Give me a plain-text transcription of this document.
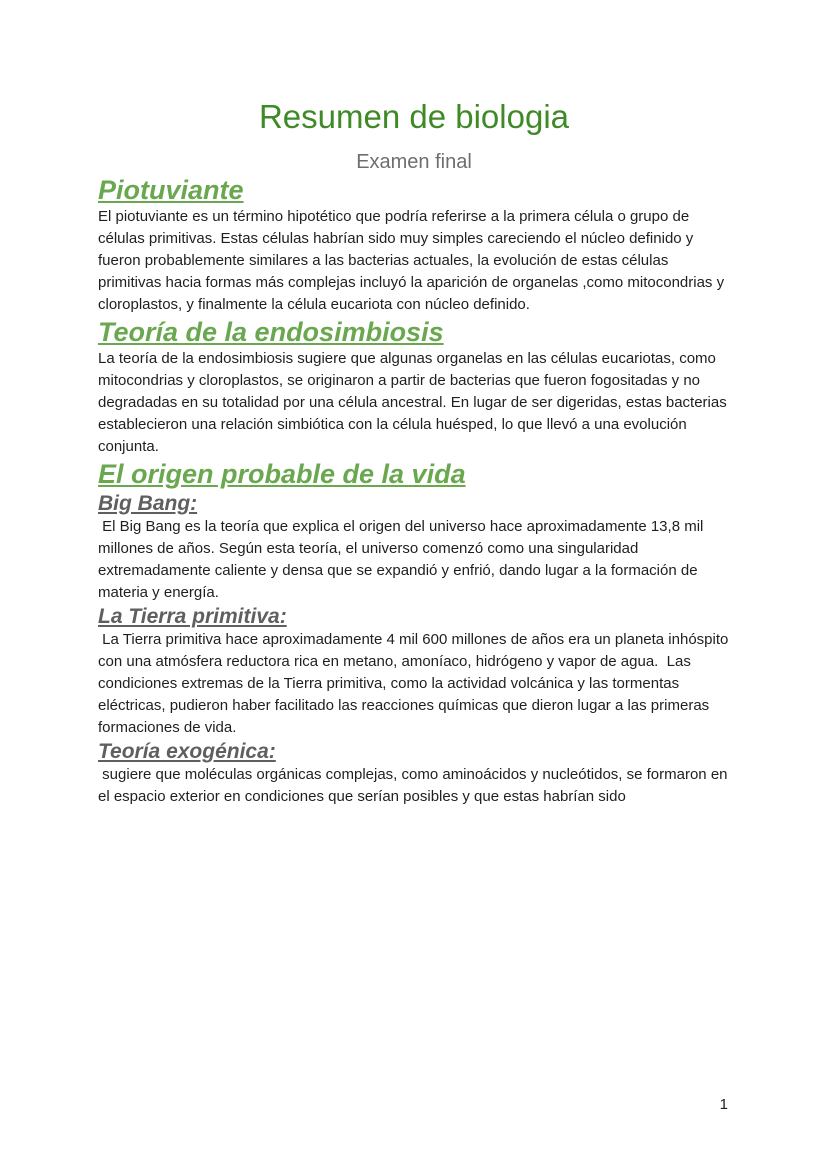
Resumen de biologia
Examen final
Piotuviante

El piotuviante es un término hipotético que podría referirse a la primera célula o grupo de células primitivas. Estas células habrían sido muy simples careciendo el núcleo definido y fueron probablemente similares a las bacterias actuales, la evolución de estas células primitivas hacia formas más complejas incluyó la aparición de organelas ,como mitocondrias y cloroplastos, y finalmente la célula eucariota con núcleo definido.

Teoría de la endosimbiosis

La teoría de la endosimbiosis sugiere que algunas organelas en las células eucariotas, como mitocondrias y cloroplastos, se originaron a partir de bacterias que fueron fogositadas y no degradadas en su totalidad por una célula ancestral. En lugar de ser digeridas, estas bacterias establecieron una relación simbiótica con la célula huésped, lo que llevó a una evolución conjunta.

El origen probable de la vida
Big Bang:

El Big Bang es la teoría que explica el origen del universo hace aproximadamente 13,8 mil millones de años. Según esta teoría, el universo comenzó como una singularidad extremadamente caliente y densa que se expandió y enfrió, dando lugar a la formación de materia y energía.

La Tierra primitiva:

La Tierra primitiva hace aproximadamente 4 mil 600 millones de años era un planeta inhóspito con una atmósfera reductora rica en metano, amoníaco, hidrógeno y vapor de agua.  Las condiciones extremas de la Tierra primitiva, como la actividad volcánica y las tormentas eléctricas, pudieron haber facilitado las reacciones químicas que dieron lugar a las primeras formaciones de vida.

Teoría exogénica:

sugiere que moléculas orgánicas complejas, como aminoácidos y nucleótidos, se formaron en el espacio exterior en condiciones que serían posibles y que estas habrían sido

1
